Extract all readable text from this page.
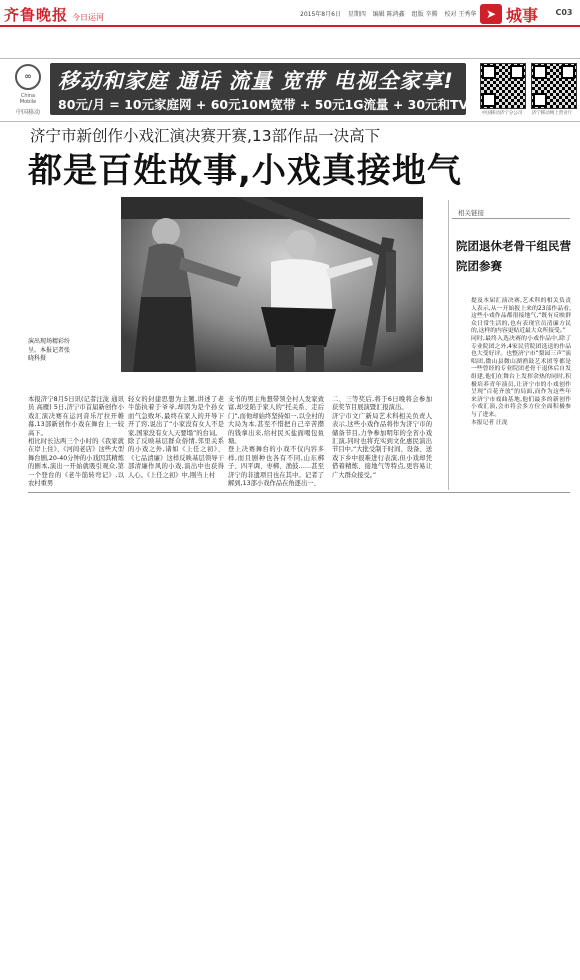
齐鲁晚报 今日运河	2015年8月6日 星期四 编辑 陈鸿鑫 组版 辛腾 校对 王秀华 ➤ 城事	C03
∞
China Mobile
中国移动
移动和家庭 通话 流量 宽带 电视全家享!
80元/月 = 10元家庭网 + 60元10M宽带 + 50元1G流量 + 30元和TV
中国移动济宁分公司	济宁移动网上营业厅
济宁市新创作小戏汇演决赛开赛,13部作品一决高下
都是百姓故事,小戏真接地气
演出现场精彩纷呈。本报记者张晓科摄
本报济宁8月5日讯(记者汪泷 通讯员 高雁) 5日,济宁市首届新创作小戏汇演决赛在运河音乐厅拉开帷幕,13部新创作小戏在舞台上一较高下。
相比时长达两三个小时的《我家就在岸上住》、《河间老店》这些大型舞台剧,20-40分钟的小戏因其精炼的剧本,演出一开始就吸引观众,第一个登台的《老牛筋转弯记》,以农村重男
轻女的封建思想为主题,讲述了老牛筋执着于爷爷,却因为是个孙女而气急败坏,最终在家人的开导下开了窍,说出了“小家没有女人不是家,国家没有女人天要塌”的台词。
除了反映基层群众俗情,邻里关系的小戏之外,诸如《上任之初》、《七品清廉》这样反映基层领导干部清廉作风的小戏,演出中也获得人心。《上任之初》中,刚当上村
支书的男主角想带领全村人发家致富,却受陷于家人的“托关系、走后门”,而他却始终坚持如一,以全村的大局为本,甚至不惜把自己辛苦攒的钱拿出来,给村民买盐面喝包鱼塘。
登上决赛舞台的小戏不仅内容多样,而且剧种也各有不同,山东梆子、四平调、枣梆、渔鼓……甚至济宁的非遗项目也在其中。记者了解到,13部小戏作品在角逐出一、
二、三等奖后,将于6日晚将会参加获奖节目展演暨汇报演出。
济宁市文广新局艺术科相关负责人表示,这些小戏作品将作为济宁市的储备节目,力争参加明年的全省小戏汇演,同时也将充实到文化惠民演出节目中,“大批受制于时间、设备、送戏下乡中很难进行表演,但小戏却凭借着精炼、接地气等特点,更容易让广大群众接受。”
相关链接
院团退休老骨干组民营院团参赛
提及本届汇演决赛,艺术科的相关负责人表示,从一开始报上来的23部作品看,这些小戏作品都很接地气,“既有反映群众日常生活的,也有表现官员清廉方民的,这样的内容更贴近最大众所接受。”
同时,最终入选决赛的小戏作品中,除了专业院团之外,4家民营院团选送的作品也大受好评。也整济宁市“梨园三声”演唱团,微山县微山湖渔鼓艺术团等都是一些曾经的专业院团老骨干退休后自发组建,他们在舞台上发挥余热的同时,积极培养青年演员,让济宁市的小戏创作呈现“百花齐放”的局面,而作为这些年来济宁市戏曲基地,他们最多的新创作小戏汇演,会市将会多方位全面积极参与了进来。
本报记者 汪泷
